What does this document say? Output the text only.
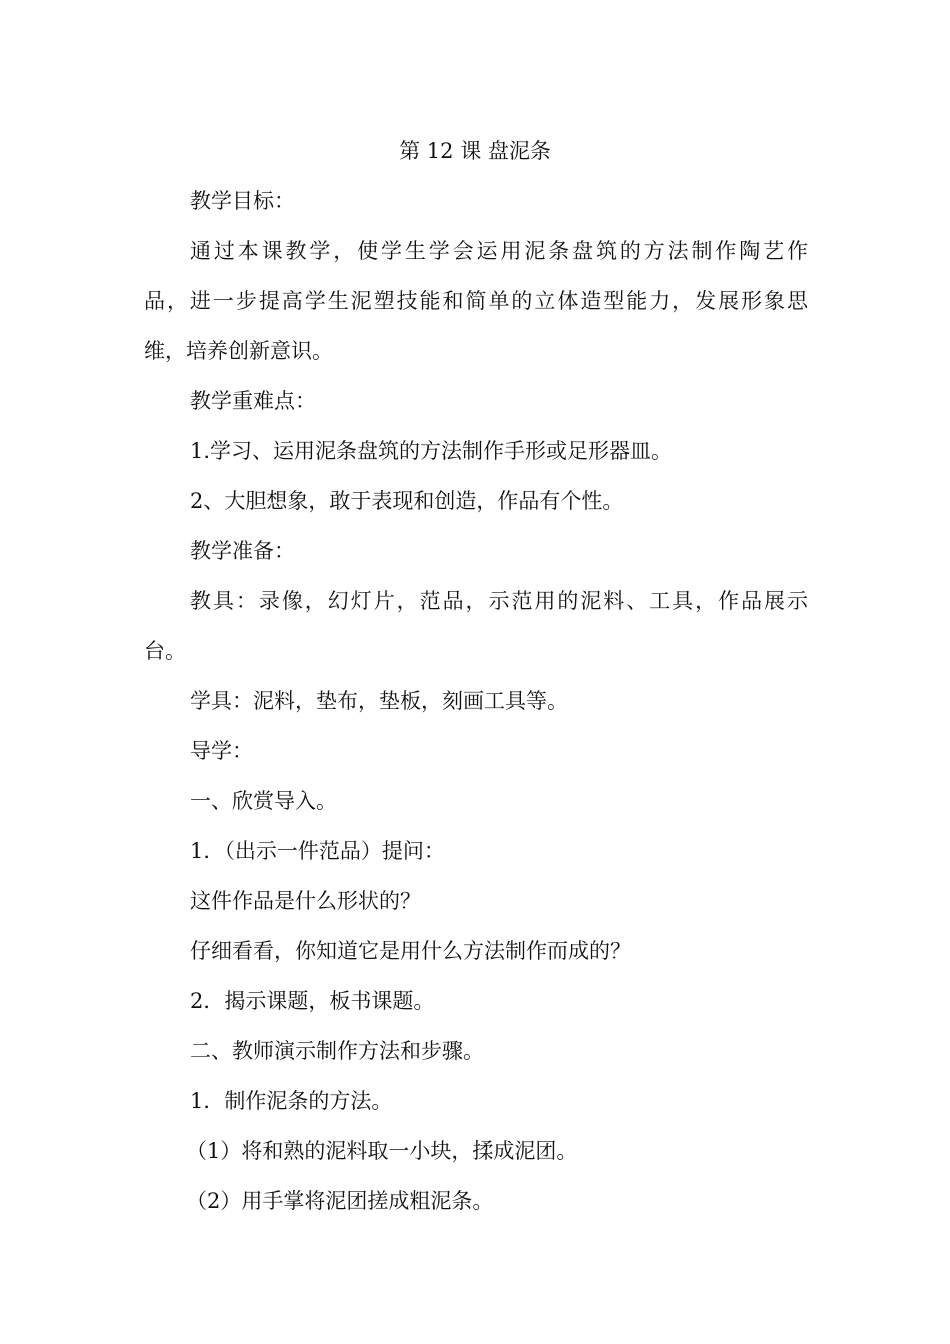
第 12 课 盘泥条
教学目标：
通过本课教学，使学生学会运用泥条盘筑的方法制作陶艺作
品，进一步提高学生泥塑技能和简单的立体造型能力，发展形象思
维，培养创新意识。
教学重难点：
1.学习、运用泥条盘筑的方法制作手形或足形器皿。
2、大胆想象，敢于表现和创造，作品有个性。
教学准备：
教具：录像，幻灯片，范品，示范用的泥料、工具，作品展示
台。
学具：泥料，垫布，垫板，刻画工具等。
导学：
一、欣赏导入。
1．（出示一件范品）提问：
这件作品是什么形状的？
仔细看看，你知道它是用什么方法制作而成的？
2．揭示课题，板书课题。
二、教师演示制作方法和步骤。
1．制作泥条的方法。
（1）将和熟的泥料取一小块，揉成泥团。
（2）用手掌将泥团搓成粗泥条。
